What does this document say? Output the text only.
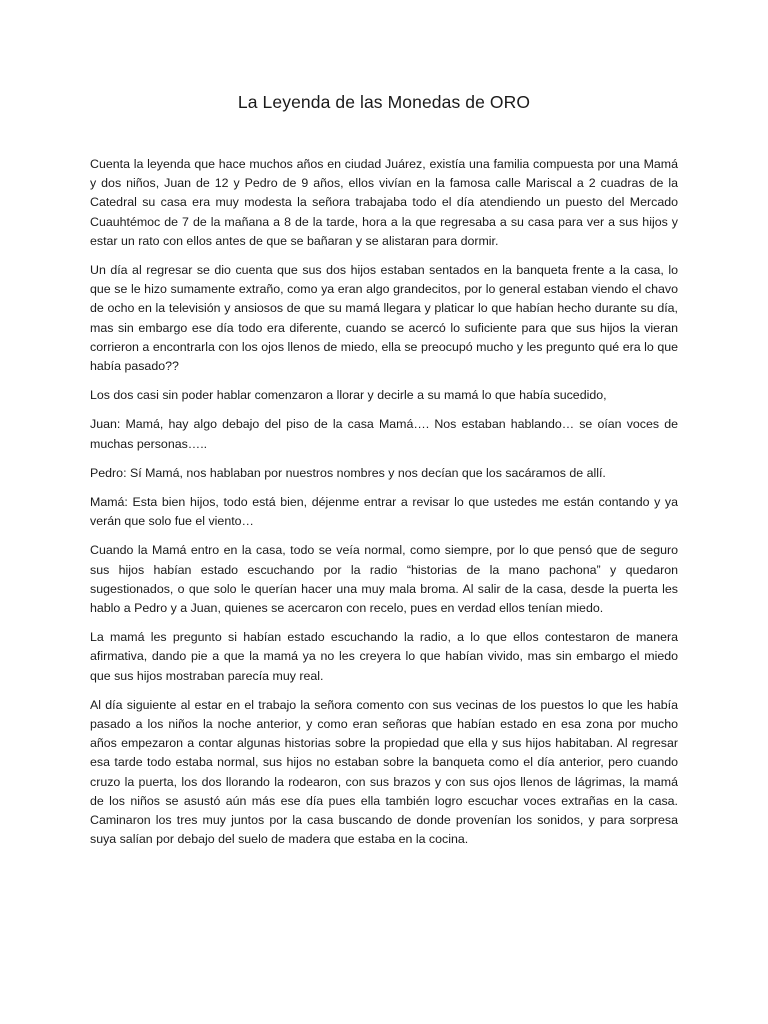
La Leyenda de las Monedas de ORO

Cuenta la leyenda que hace muchos años en ciudad Juárez, existía una familia compuesta por una Mamá y dos niños, Juan de 12 y Pedro de 9 años, ellos vivían en la famosa calle Mariscal a 2 cuadras de la Catedral su casa era muy modesta la señora trabajaba todo el día atendiendo un puesto del Mercado Cuauhtémoc de 7 de la mañana a 8 de la tarde, hora a la que regresaba a su casa para ver a sus hijos y estar un rato con ellos antes de que se bañaran y se alistaran para dormir.

Un día al regresar se dio cuenta que sus dos hijos estaban sentados en la banqueta frente a la casa, lo que se le hizo sumamente extraño, como ya eran algo grandecitos, por lo general estaban viendo el chavo de ocho en la televisión y ansiosos de que su mamá llegara y platicar lo que habían hecho durante su día, mas sin embargo ese día todo era diferente, cuando se acercó lo suficiente para que sus hijos la vieran corrieron a encontrarla con los ojos llenos de miedo, ella se preocupó mucho y les pregunto qué era lo que había pasado??

Los dos casi sin poder hablar comenzaron a llorar y decirle a su mamá lo que había sucedido,

Juan: Mamá, hay algo debajo del piso de la casa Mamá…. Nos estaban hablando… se oían voces de muchas personas…..

Pedro: Sí Mamá, nos hablaban por nuestros nombres y nos decían que los sacáramos de allí.

Mamá: Esta bien hijos, todo está bien, déjenme entrar a revisar lo que ustedes me están contando y ya verán que solo fue el viento…

Cuando la Mamá entro en la casa, todo se veía normal, como siempre, por lo que pensó que de seguro sus hijos habían estado escuchando por la radio “historias de la mano pachona” y quedaron sugestionados, o que solo le querían hacer una muy mala broma. Al salir de la casa, desde la puerta les hablo a Pedro y a Juan, quienes se acercaron con recelo, pues en verdad ellos tenían miedo.

La mamá les pregunto si habían estado escuchando la radio, a lo que ellos contestaron de manera afirmativa, dando pie a que la mamá ya no les creyera lo que habían vivido, mas sin embargo el miedo que sus hijos mostraban parecía muy real.

Al día siguiente al estar en el trabajo la señora comento con sus vecinas de los puestos lo que les había pasado a los niños la noche anterior, y como eran señoras que habían estado en esa zona por mucho años empezaron a contar algunas historias sobre la propiedad que ella y sus hijos habitaban. Al regresar esa tarde todo estaba normal, sus hijos no estaban sobre la banqueta como el día anterior, pero cuando cruzo la puerta, los dos llorando la rodearon, con sus brazos y con sus ojos llenos de lágrimas, la mamá de los niños se asustó aún más ese día pues ella también logro escuchar voces extrañas en la casa. Caminaron los tres muy juntos por la casa buscando de donde provenían los sonidos, y para sorpresa suya salían por debajo del suelo de madera que estaba en la cocina.
